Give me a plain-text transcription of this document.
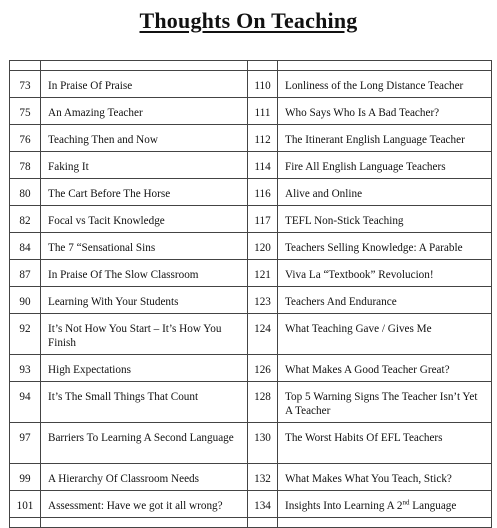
Thoughts On Teaching

73	In Praise Of Praise	110	Lonliness of the Long Distance Teacher
75	An Amazing Teacher	111	Who Says Who Is A Bad Teacher?
76	Teaching Then and Now	112	The Itinerant English Language Teacher
78	Faking It	114	Fire All English Language Teachers
80	The Cart Before The Horse	116	Alive and Online
82	Focal vs Tacit Knowledge	117	TEFL Non-Stick Teaching
84	The 7 “Sensational Sins	120	Teachers Selling Knowledge: A Parable
87	In Praise Of The Slow Classroom	121	Viva La “Textbook” Revolucion!
90	Learning With Your Students	123	Teachers And Endurance
92	It’s Not How You Start – It’s How You Finish	124	What Teaching Gave / Gives Me
93	High Expectations	126	What Makes A Good Teacher Great?
94	It’s The Small Things That Count	128	Top 5 Warning Signs The Teacher Isn’t Yet A Teacher
97	Barriers To Learning A Second Language	130	The Worst Habits Of EFL Teachers
99	A Hierarchy Of Classroom Needs	132	What Makes What You Teach, Stick?
101	Assessment: Have we got it all wrong?	134	Insights Into Learning A 2nd Language
